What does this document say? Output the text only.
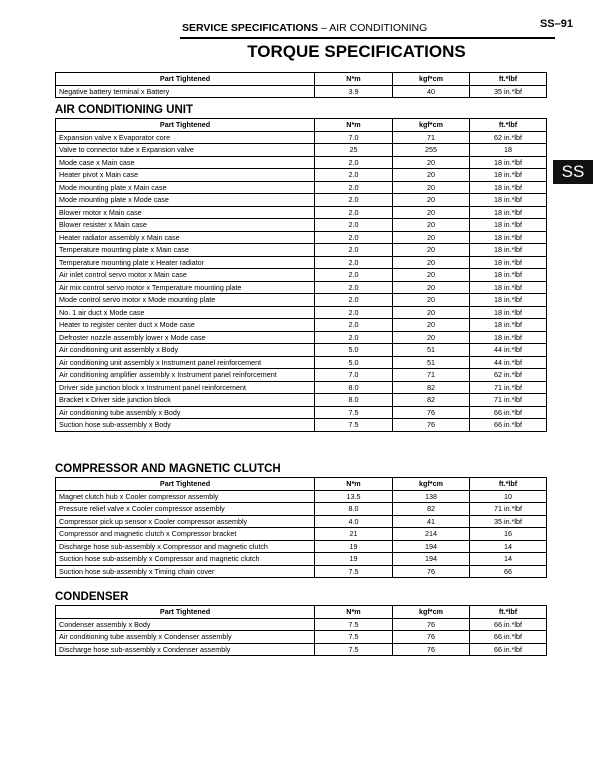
SERVICE SPECIFICATIONS – AIR CONDITIONING	SS–91
TORQUE SPECIFICATIONS
SS
Part Tightened	N*m	kgf*cm	ft.*lbf
Negative battery terminal x Battery	3.9	40	35 in.*lbf
AIR CONDITIONING UNIT
Part Tightened	N*m	kgf*cm	ft.*lbf
Expansion valve x Evaporator core	7.0	71	62 in.*lbf
Valve to connector tube x Expansion valve	25	255	18
Mode case x Main case	2.0	20	18 in.*lbf
Heater pivot x Main case	2.0	20	18 in.*lbf
Mode mounting plate x Main case	2.0	20	18 in.*lbf
Mode mounting plate x Mode case	2.0	20	18 in.*lbf
Blower motor x Main case	2.0	20	18 in.*lbf
Blower resister x Main case	2.0	20	18 in.*lbf
Heater radiator assembly x Main case	2.0	20	18 in.*lbf
Temperature mounting plate x Main case	2.0	20	18 in.*lbf
Temperature mounting plate x Heater radiator	2.0	20	18 in.*lbf
Air inlet control servo motor x Main case	2.0	20	18 in.*lbf
Air mix control servo motor x Temperature mounting plate	2.0	20	18 in.*lbf
Mode control servo motor x Mode mounting plate	2.0	20	18 in.*lbf
No. 1 air duct x Mode case	2.0	20	18 in.*lbf
Heater to register center duct x Mode case	2.0	20	18 in.*lbf
Defroster nozzle assembly lower x Mode case	2.0	20	18 in.*lbf
Air conditioning unit assembly x Body	5.0	51	44 in.*lbf
Air conditioning unit assembly x Instrument panel reinforcement	5.0	51	44 in.*lbf
Air conditioning amplifier assembly x Instrument panel reinforcement	7.0	71	62 in.*lbf
Driver side junction block x Instrument panel reinforcement	8.0	82	71 in.*lbf
Bracket x Driver side junction block	8.0	82	71 in.*lbf
Air conditioning tube assembly x Body	7.5	76	66 in.*lbf
Suction hose sub-assembly x Body	7.5	76	66 in.*lbf
COMPRESSOR AND MAGNETIC CLUTCH
Part Tightened	N*m	kgf*cm	ft.*lbf
Magnet clutch hub x Cooler compressor assembly	13.5	138	10
Pressure relief valve x Cooler compressor assembly	8.0	82	71 in.*lbf
Compressor pick up sensor x Cooler compressor assembly	4.0	41	35 in.*lbf
Compressor and magnetic clutch x Compressor bracket	21	214	16
Discharge hose sub-assembly x Compressor and magnetic clutch	19	194	14
Suction hose sub-assembly x Compressor and magnetic clutch	19	194	14
Suction hose sub-assembly x Timing chain cover	7.5	76	66
CONDENSER
Part Tightened	N*m	kgf*cm	ft.*lbf
Condenser assembly x Body	7.5	76	66 in.*lbf
Air conditioning tube assembly x Condenser assembly	7.5	76	66 in.*lbf
Discharge hose sub-assembly x Condenser assembly	7.5	76	66 in.*lbf
